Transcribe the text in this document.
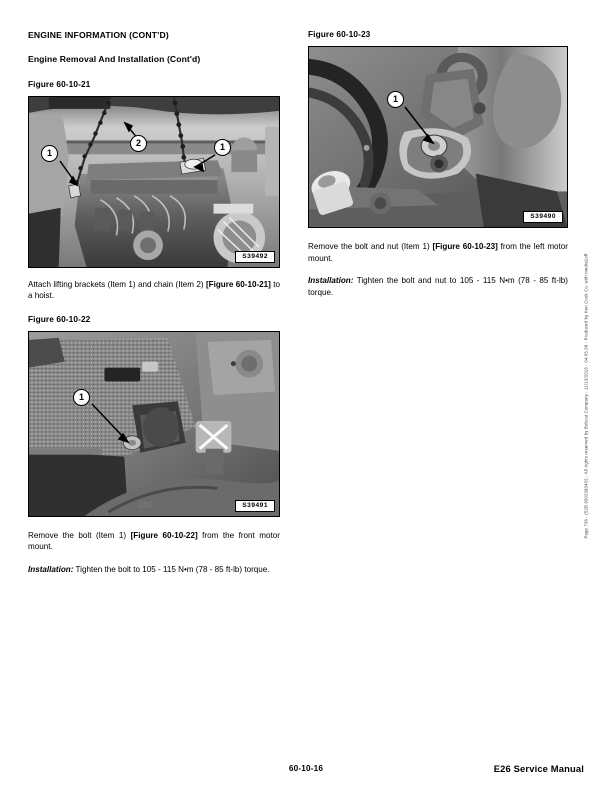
ENGINE INFORMATION (CONT'D)
Engine Removal And Installation (Cont'd)
Figure 60-10-21
1
2	1
S39492
Attach lifting brackets (Item 1) and chain (Item 2) [Figure 60-10-21] to a hoist.
Figure 60-10-22
180
1
S39491
Remove the bolt (Item 1) [Figure 60-10-22] from the front motor mount.
Installation: Tighten the bolt to 105 - 115 N•m (78 - 85 ft-lb) torque.
Figure 60-10-23
1
S39490
Remove the bolt and nut (Item 1) [Figure 60-10-23] from the left motor mount.
Installation: Tighten the bolt and nut to 105 - 115 N•m (78 - 85 ft-lb) torque.
60-10-16	E26 Service Manual
Page 736 - (52B 6002393402 - All rights reserved by Bobcat Company - 11/13/2016 - 04:05:39 - Produced by Ken Cook Co. with media1off
